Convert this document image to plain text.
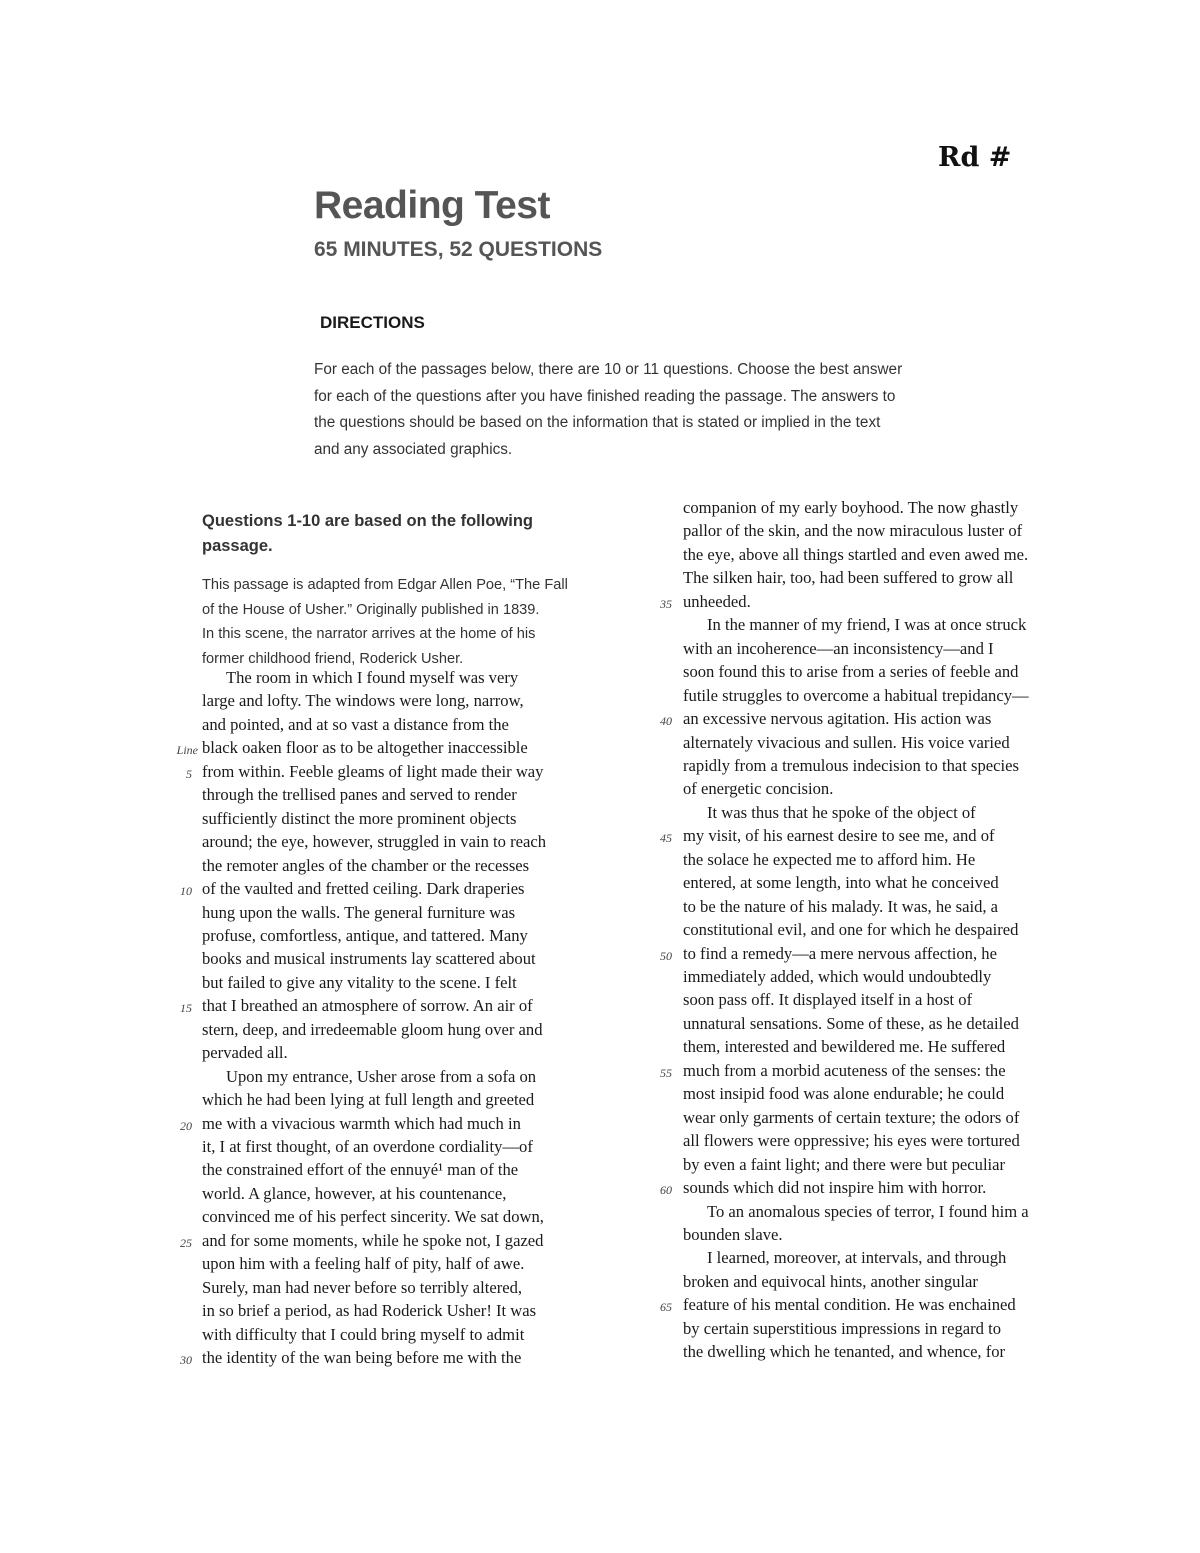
Rd #
Reading Test
65 MINUTES, 52 QUESTIONS
DIRECTIONS
For each of the passages below, there are 10 or 11 questions. Choose the best answer
for each of the questions after you have finished reading the passage. The answers to
the questions should be based on the information that is stated or implied in the text
and any associated graphics.
Questions 1-10 are based on the following
passage.
This passage is adapted from Edgar Allen Poe, “The Fall
of the House of Usher.” Originally published in 1839.
In this scene, the narrator arrives at the home of his
former childhood friend, Roderick Usher.
The room in which I found myself was very
large and lofty. The windows were long, narrow,
and pointed, and at so vast a distance from the
black oaken floor as to be altogether inaccessible
from within. Feeble gleams of light made their way
through the trellised panes and served to render
sufficiently distinct the more prominent objects
around; the eye, however, struggled in vain to reach
the remoter angles of the chamber or the recesses
of the vaulted and fretted ceiling. Dark draperies
hung upon the walls. The general furniture was
profuse, comfortless, antique, and tattered. Many
books and musical instruments lay scattered about
but failed to give any vitality to the scene. I felt
that I breathed an atmosphere of sorrow. An air of
stern, deep, and irredeemable gloom hung over and
pervaded all.
Upon my entrance, Usher arose from a sofa on
which he had been lying at full length and greeted
me with a vivacious warmth which had much in
it, I at first thought, of an overdone cordiality—of
the constrained effort of the ennuyé¹ man of the
world. A glance, however, at his countenance,
convinced me of his perfect sincerity. We sat down,
and for some moments, while he spoke not, I gazed
upon him with a feeling half of pity, half of awe.
Surely, man had never before so terribly altered,
in so brief a period, as had Roderick Usher! It was
with difficulty that I could bring myself to admit
the identity of the wan being before me with the
5
10
15
20
25
30
companion of my early boyhood. The now ghastly
pallor of the skin, and the now miraculous luster of
the eye, above all things startled and even awed me.
The silken hair, too, had been suffered to grow all
unheeded.
In the manner of my friend, I was at once struck
with an incoherence—an inconsistency—and I
soon found this to arise from a series of feeble and
futile struggles to overcome a habitual trepidancy—
an excessive nervous agitation. His action was
alternately vivacious and sullen. His voice varied
rapidly from a tremulous indecision to that species
of energetic concision.
It was thus that he spoke of the object of
my visit, of his earnest desire to see me, and of
the solace he expected me to afford him. He
entered, at some length, into what he conceived
to be the nature of his malady. It was, he said, a
constitutional evil, and one for which he despaired
to find a remedy—a mere nervous affection, he
immediately added, which would undoubtedly
soon pass off. It displayed itself in a host of
unnatural sensations. Some of these, as he detailed
them, interested and bewildered me. He suffered
much from a morbid acuteness of the senses: the
most insipid food was alone endurable; he could
wear only garments of certain texture; the odors of
all flowers were oppressive; his eyes were tortured
by even a faint light; and there were but peculiar
sounds which did not inspire him with horror.
To an anomalous species of terror, I found him a
bounden slave.
I learned, moreover, at intervals, and through
broken and equivocal hints, another singular
feature of his mental condition. He was enchained
by certain superstitious impressions in regard to
the dwelling which he tenanted, and whence, for
35
40
45
50
55
60
65
Line
